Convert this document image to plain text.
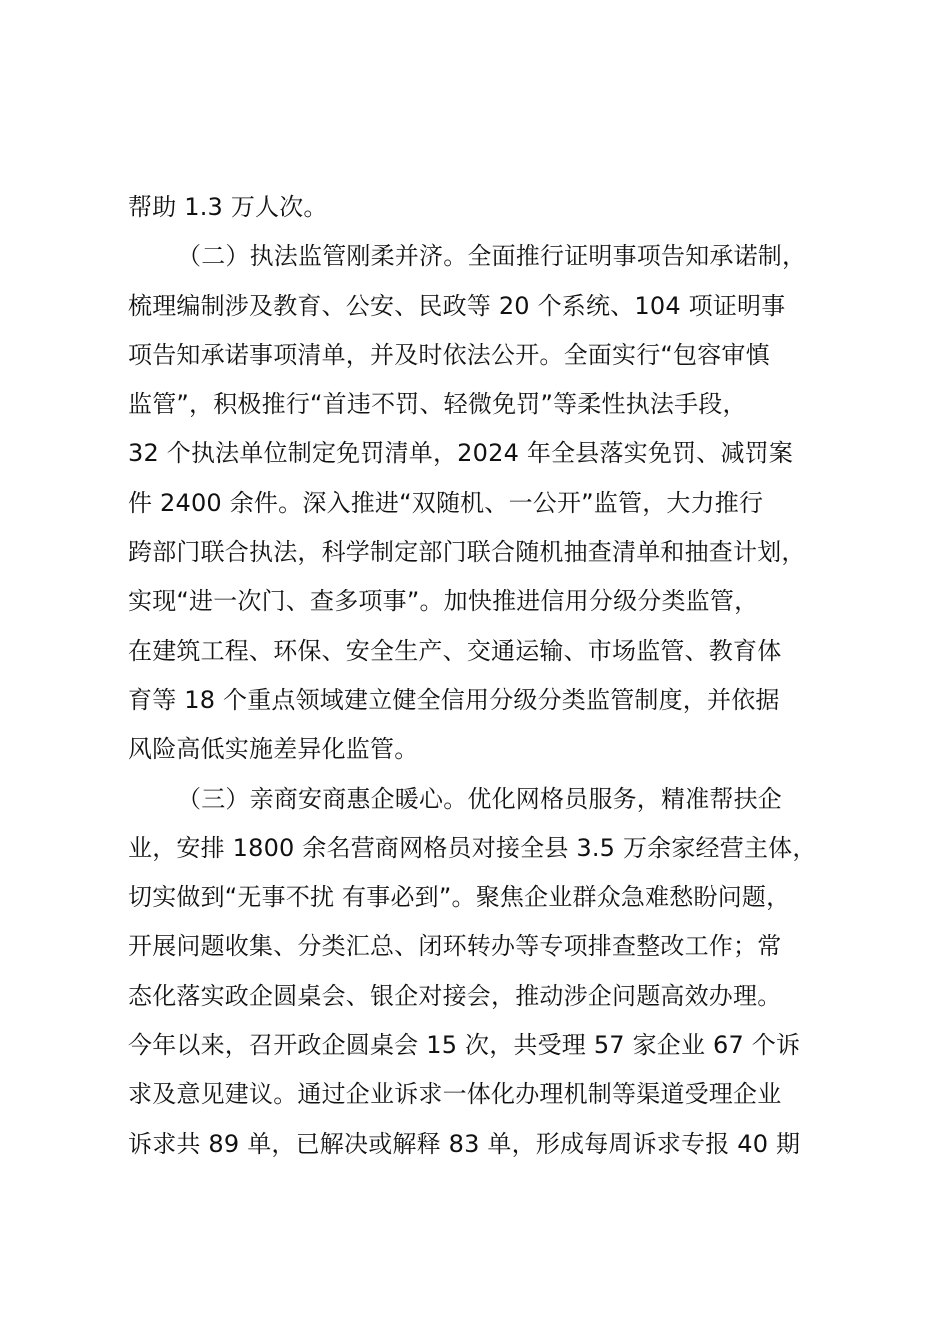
帮助 1.3 万人次。
（二）执法监管刚柔并济。全面推行证明事项告知承诺制，
梳理编制涉及教育、公安、民政等 20 个系统、104 项证明事
项告知承诺事项清单，并及时依法公开。全面实行“包容审慎
监管”，积极推行“首违不罚、轻微免罚”等柔性执法手段，
32 个执法单位制定免罚清单，2024 年全县落实免罚、减罚案
件 2400 余件。深入推进“双随机、一公开”监管，大力推行
跨部门联合执法，科学制定部门联合随机抽查清单和抽查计划，
实现“进一次门、查多项事”。加快推进信用分级分类监管，
在建筑工程、环保、安全生产、交通运输、市场监管、教育体
育等 18 个重点领域建立健全信用分级分类监管制度，并依据
风险高低实施差异化监管。
（三）亲商安商惠企暖心。优化网格员服务，精准帮扶企
业，安排 1800 余名营商网格员对接全县 3.5 万余家经营主体，
切实做到“无事不扰 有事必到”。聚焦企业群众急难愁盼问题，
开展问题收集、分类汇总、闭环转办等专项排查整改工作；常
态化落实政企圆桌会、银企对接会，推动涉企问题高效办理。
今年以来，召开政企圆桌会 15 次，共受理 57 家企业 67 个诉
求及意见建议。通过企业诉求一体化办理机制等渠道受理企业
诉求共 89 单，已解决或解释 83 单，形成每周诉求专报 40 期
